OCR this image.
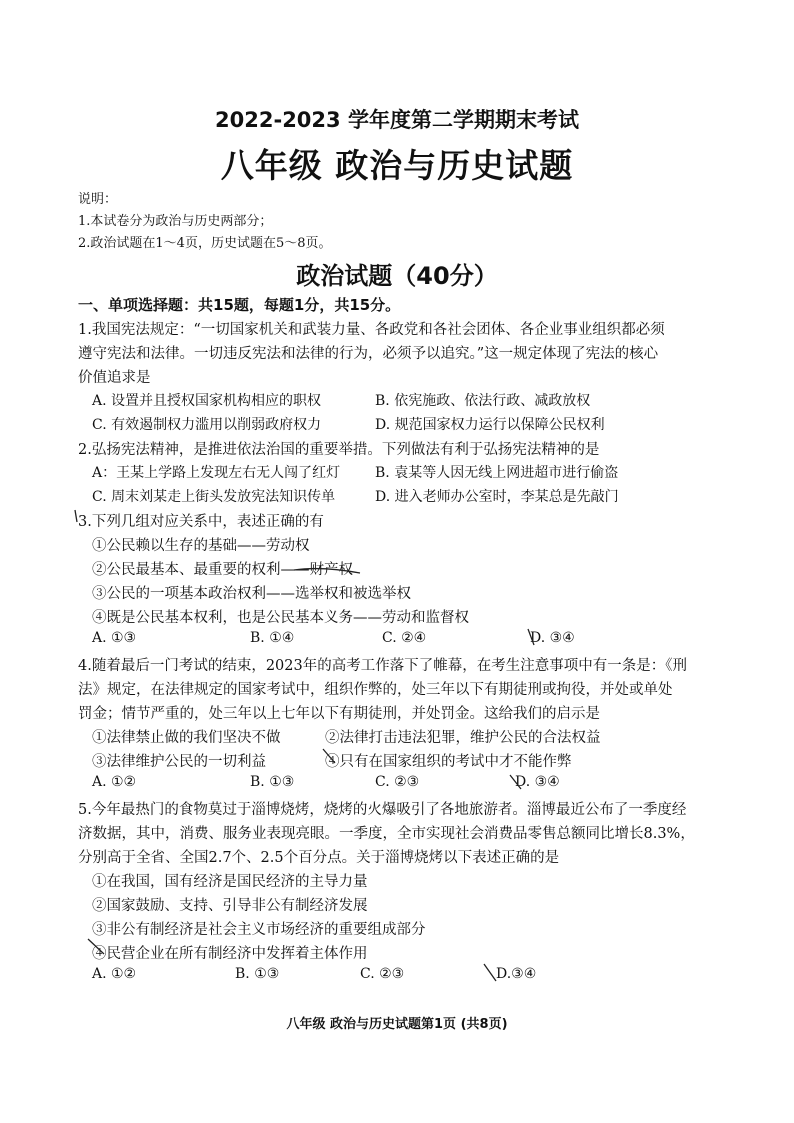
2022-2023 学年度第二学期期末考试
八年级 政治与历史试题
说明：
1.本试卷分为政治与历史两部分；
2.政治试题在1～4页，历史试题在5～8页。
政治试题（40分）
一、单项选择题：共15题，每题1分，共15分。
1.我国宪法规定：“一切国家机关和武装力量、各政党和各社会团体、各企业事业组织都必须
遵守宪法和法律。一切违反宪法和法律的行为，必须予以追究。”这一规定体现了宪法的核心
价值追求是
A. 设置并且授权国家机构相应的职权	B. 依宪施政、依法行政、减政放权
C. 有效遏制权力滥用以削弱政府权力	D. 规范国家权力运行以保障公民权利
2.弘扬宪法精神，是推进依法治国的重要举措。下列做法有利于弘扬宪法精神的是
A：王某上学路上发现左右无人闯了红灯 B. 袁某等人因无线上网进超市进行偷盗
C. 周末刘某走上街头发放宪法知识传单	D. 进入老师办公室时，李某总是先敲门
3.下列几组对应关系中，表述正确的有
①公民赖以生存的基础——劳动权
②公民最基本、最重要的权利——财产权
③公民的一项基本政治权利——选举权和被选举权
④既是公民基本权利，也是公民基本义务——劳动和监督权
A. ①③	B. ①④	C. ②④	D. ③④
4.随着最后一门考试的结束，2023年的高考工作落下了帷幕，在考生注意事项中有一条是：《刑
法》规定，在法律规定的国家考试中，组织作弊的，处三年以下有期徒刑或拘役，并处或单处
罚金；情节严重的，处三年以上七年以下有期徒刑，并处罚金。这给我们的启示是
①法律禁止做的我们坚决不做	②法律打击违法犯罪，维护公民的合法权益
③法律维护公民的一切利益	④只有在国家组织的考试中才不能作弊
A. ①②	B. ①③	C. ②③	D. ③④
5.今年最热门的食物莫过于淄博烧烤，烧烤的火爆吸引了各地旅游者。淄博最近公布了一季度经
济数据，其中，消费、服务业表现亮眼。一季度，全市实现社会消费品零售总额同比增长8.3%，
分别高于全省、全国2.7个、2.5个百分点。关于淄博烧烤以下表述正确的是
①在我国，国有经济是国民经济的主导力量
②国家鼓励、支持、引导非公有制经济发展
③非公有制经济是社会主义市场经济的重要组成部分
④民营企业在所有制经济中发挥着主体作用
A. ①②	B. ①③	C. ②③	D.③④
八年级 政治与历史试题第1页 (共8页)
